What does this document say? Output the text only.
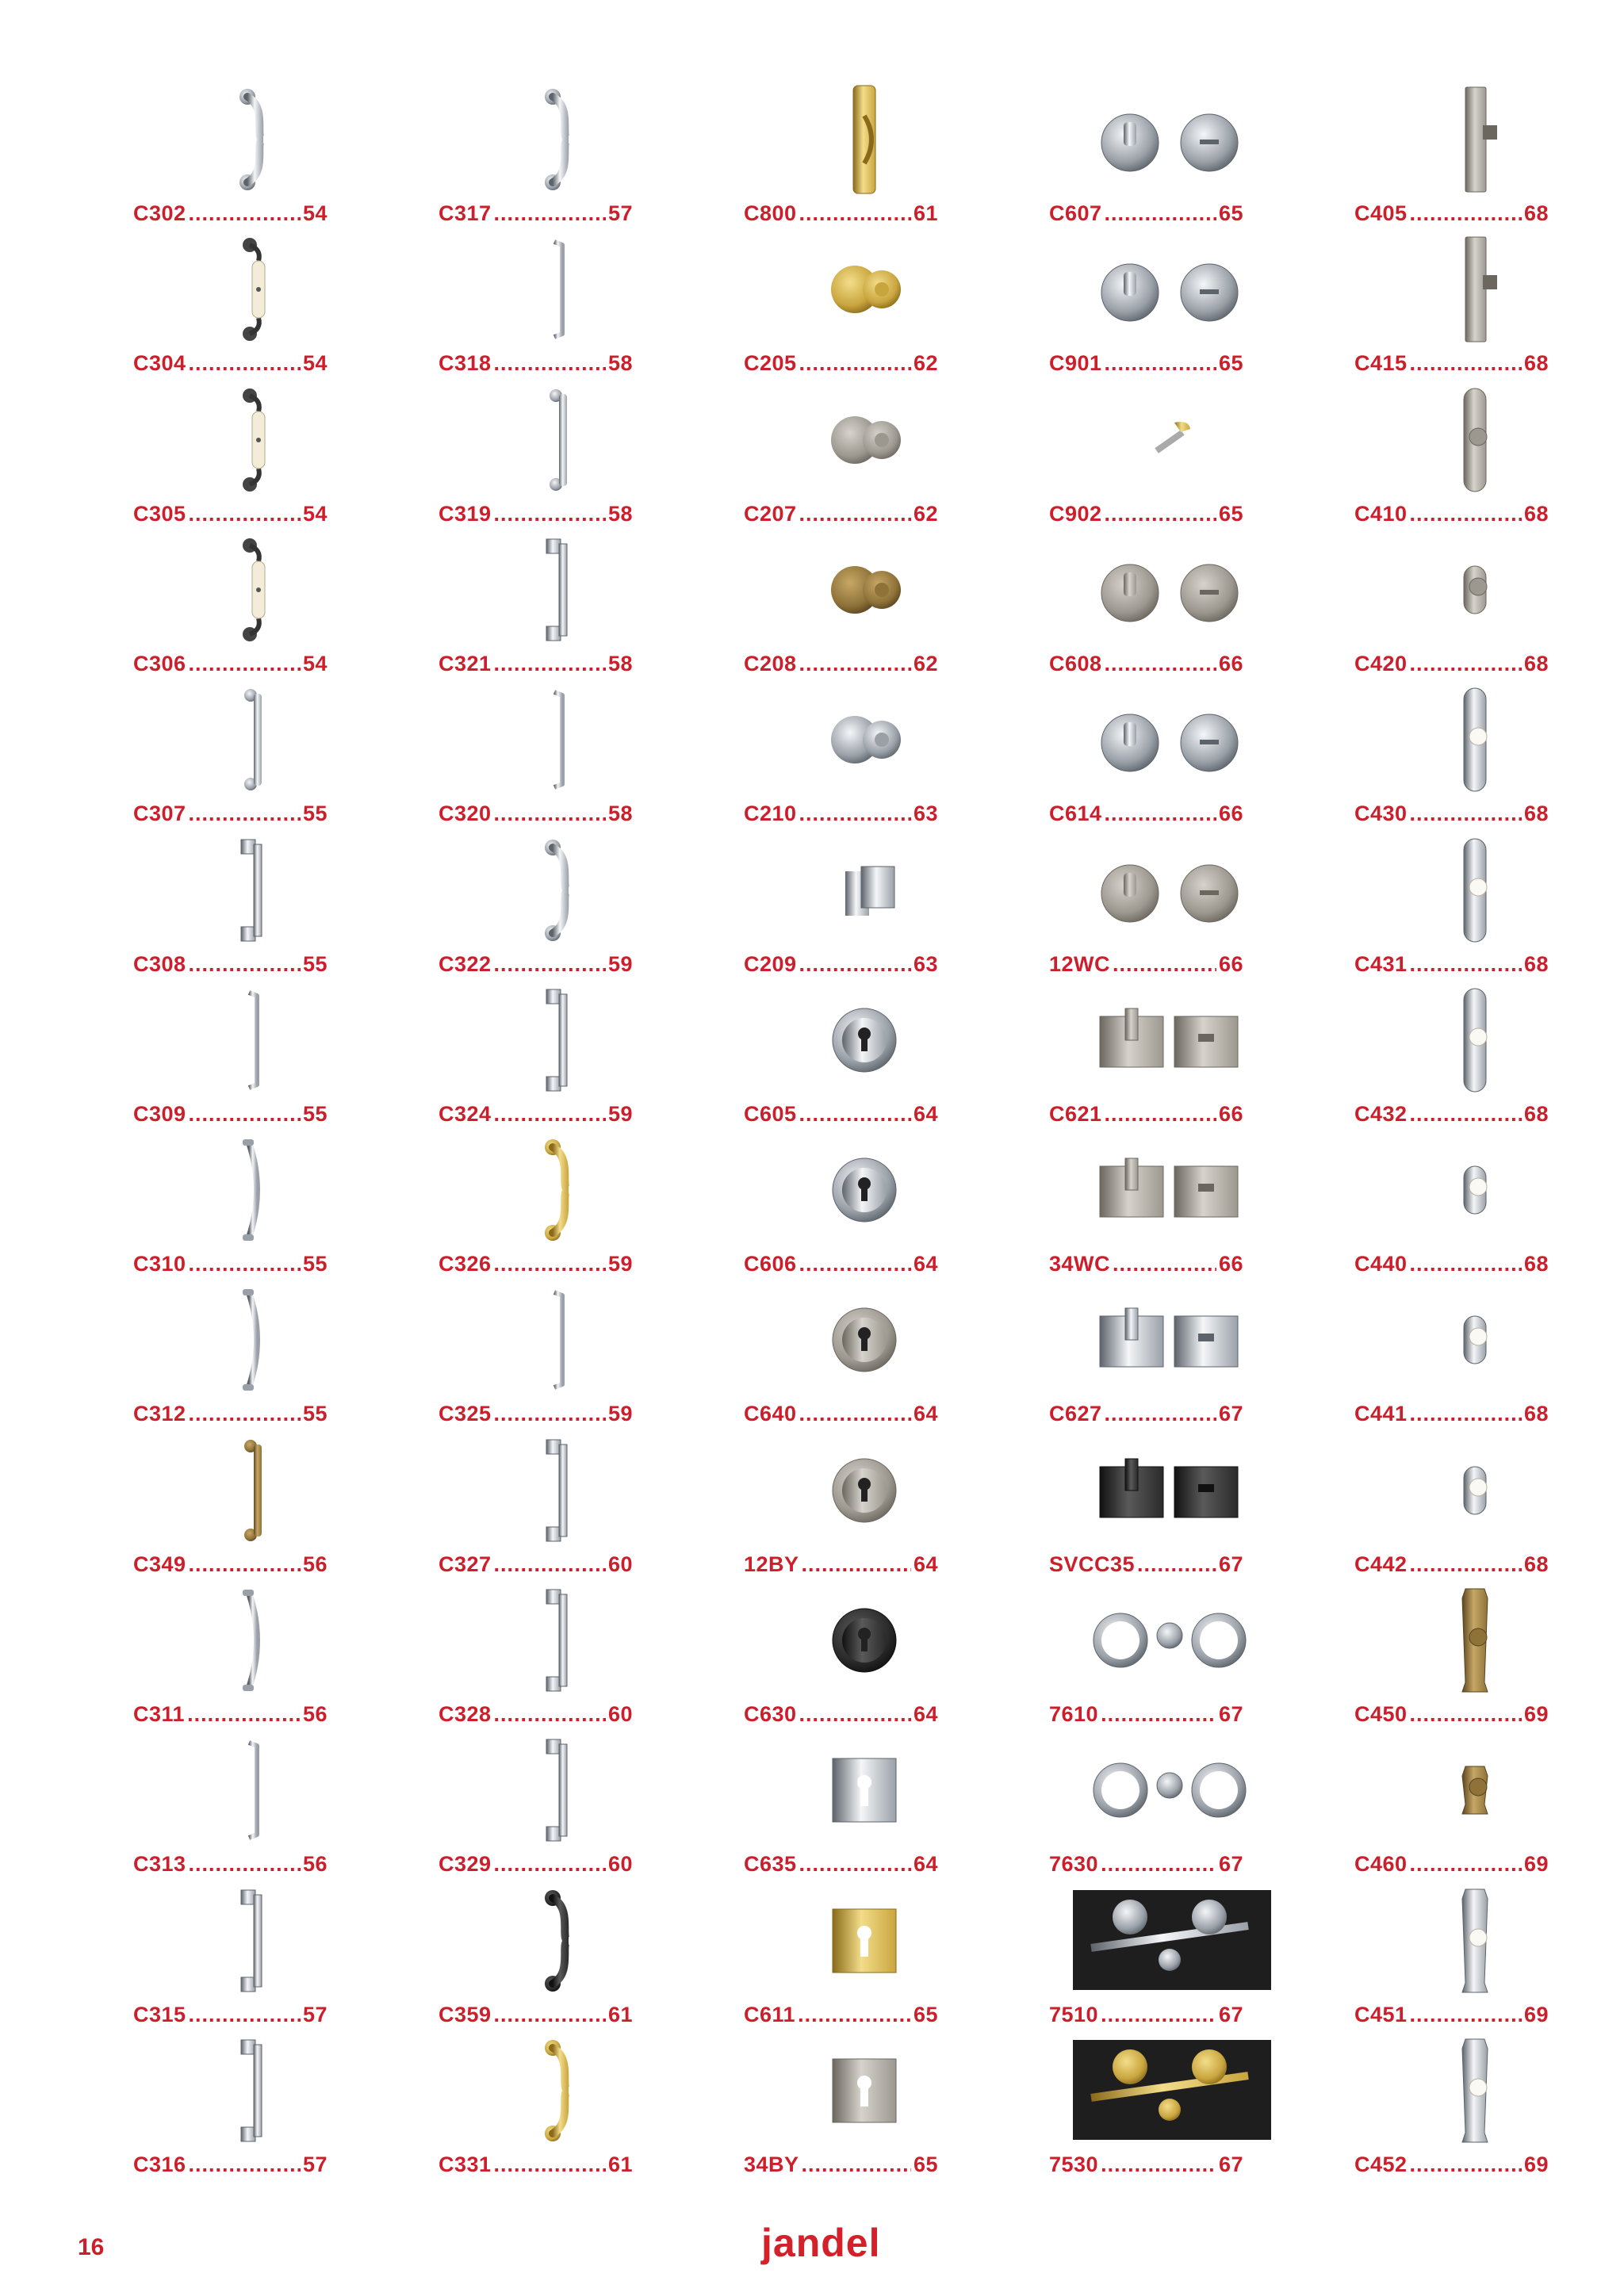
C302 .....	54
C304 .....	54
C305 .....	54
C306 .....	54
C307 .....	55
C308 .....	55
C309 .....	55
C310 .....	55
C312 .....	55
C349 .....	56
C311 .....	56
C313 .....	56
C315 .....	57
C316 .....	57
C317 .....	57
C318 .....	58
C319 .....	58
C321 .....	58
C320 .....	58
C322 .....	59
C324 .....	59
C326 .....	59
C325 .....	59
C327 .....	60
C328 .....	60
C329 .....	60
C359 .....	61
C331 .....	61
C800 .....	61
C205 .....	62
C207 .....	62
C208 .....	62
C210 .....	63
C209 .....	63
C605 .....	64
C606 .....	64
C640 .....	64
12BY .....	64
C630 .....	64
C635 .....	64
C611 .....	65
34BY .....	65
C607 .....	65
C901 .....	65
C902 .....	65
C608 .....	66
C614 .....	66
12WC .....	66
C621 .....	66
34WC .....	66
C627 .....	67
SVCC35 .....	67
7610 .....	67
7630 .....	67
7510 .....	67
7530 .....	67
C405 .....	68
C415 .....	68
C410 .....	68
C420 .....	68
C430 .....	68
C431 .....	68
C432 .....	68
C440 .....	68
C441 .....	68
C442 .....	68
C450 .....	69
C460 .....	69
C451 .....	69
C452 .....	69
16	jandel
